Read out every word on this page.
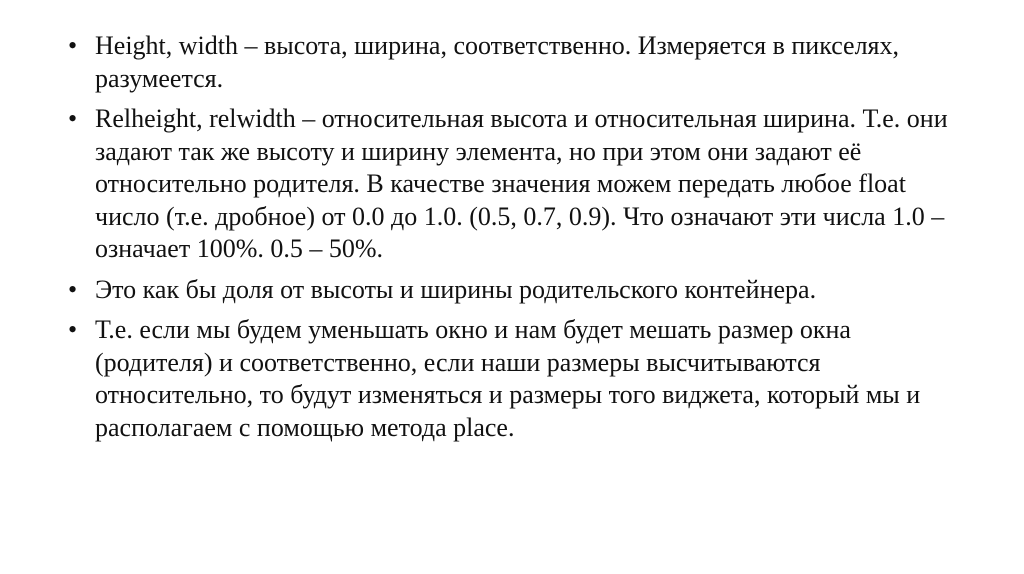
• Height, width – высота, ширина, соответственно. Измеряется в пикселях, разумеется.
• Relheight, relwidth – относительная высота и относительная ширина. Т.е. они задают так же высоту и ширину элемента, но при этом они задают её относительно родителя. В качестве значения можем передать любое float число (т.е. дробное) от 0.0 до 1.0. (0.5, 0.7, 0.9). Что означают эти числа 1.0 – означает 100%. 0.5 – 50%.
• Это как бы доля от высоты и ширины родительского контейнера.
• Т.е. если мы будем уменьшать окно и нам будет мешать размер окна (родителя) и соответственно, если наши размеры высчитываются относительно, то будут изменяться и размеры того виджета, который мы и располагаем с помощью метода place.
